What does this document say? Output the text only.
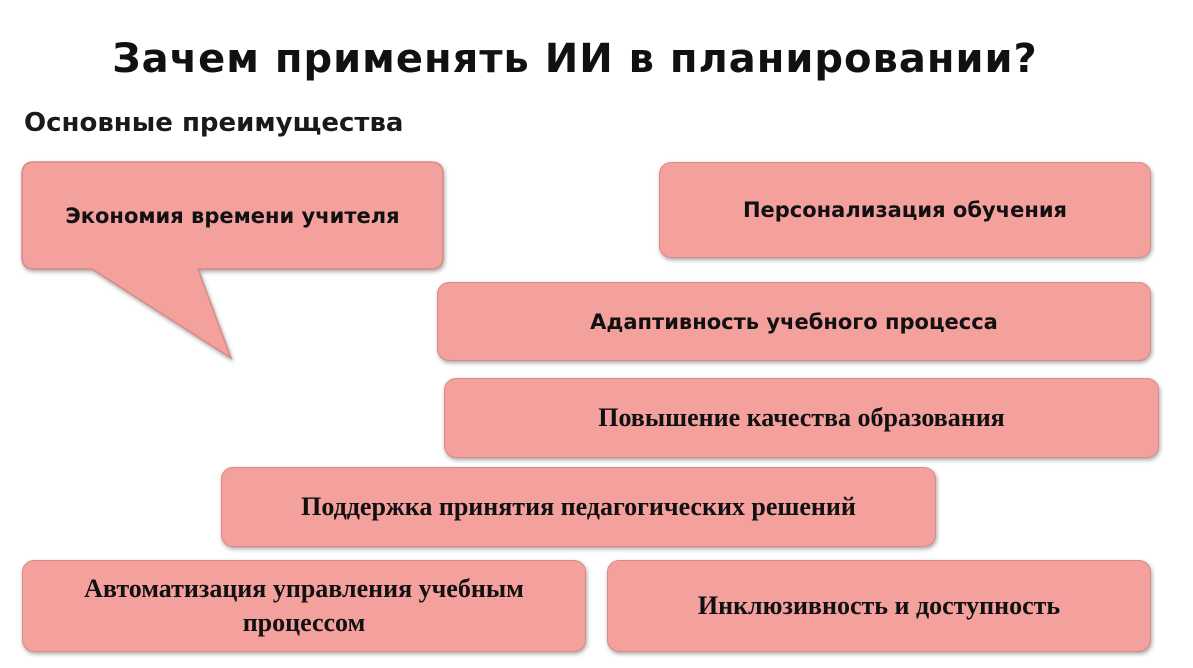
Зачем применять ИИ в планировании?
Основные преимущества
Экономия времени учителя	Персонализация обучения
Адаптивность учебного процесса
Повышение качества образования
Поддержка принятия педагогических решений
Автоматизация управления учебным процессом
Инклюзивность и доступность
